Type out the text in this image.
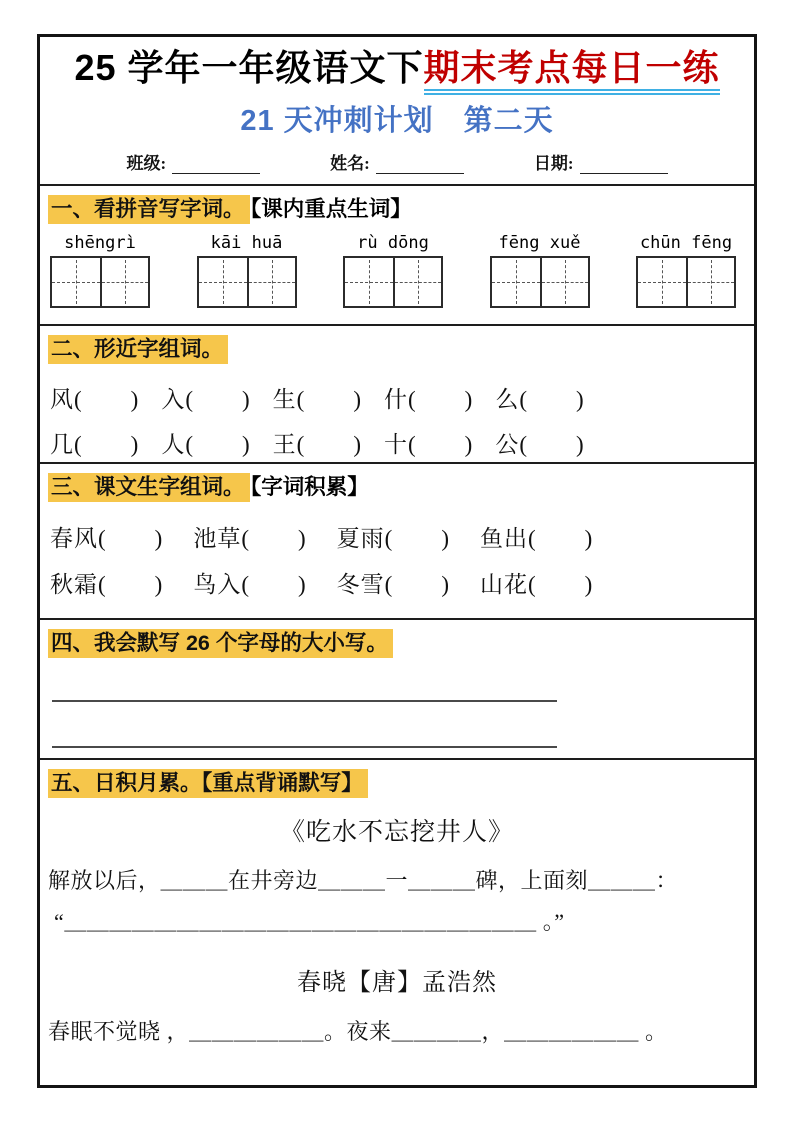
25 学年一年级语文下期末考点每日一练
21 天冲刺计划　第二天
班级:	姓名:	日期:
一、看拼音写字词。 【课内重点生词】
shēngrì	kāi huā	rù dōng	fēng xuě	chūn fēng
二、形近字组词。
风(　　) 入(　　) 生(　　) 什(　　) 么(　　)
几(　　) 人(　　) 王(　　) 十(　　) 公(　　)
三、课文生字组词。 【字词积累】
春风(　　) 池草(　　) 夏雨(　　) 鱼出(　　)
秋霜(　　) 鸟入(　　) 冬雪(　　) 山花(　　)
四、我会默写 26 个字母的大小写。
五、日积月累。【重点背诵默写】
《吃水不忘挖井人》
解放以后，＿＿＿在井旁边＿＿＿一＿＿＿碑，上面刻＿＿＿：
“＿＿＿＿＿＿＿＿＿＿＿＿＿＿＿＿＿＿＿＿＿ 。”
春晓【唐】孟浩然
春眠不觉晓 ，＿＿＿＿＿＿。夜来＿＿＿＿，＿＿＿＿＿＿ 。
